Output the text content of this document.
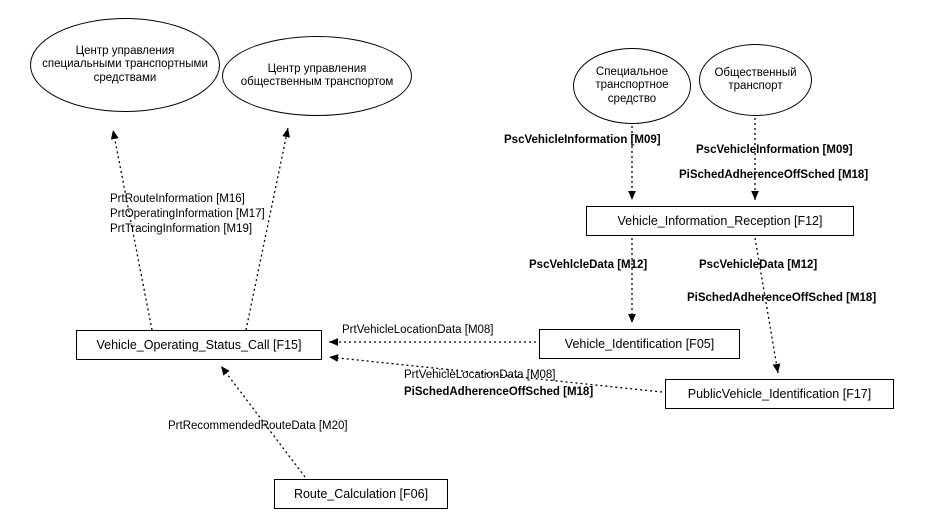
Центр управления специальными транспортными средствами
Центр управления общественным транспортом
Специальное транспортное средство
Общественный транспорт
Vehicle_Information_Reception [F12]
Vehicle_Identification [F05]
PublicVehicle_Identification [F17]
Vehicle_Operating_Status_Call [F15]
Route_Calculation [F06]
PrtRouteInformation [M16]
PrtOperatingInformation [M17]
PrtTracingInformation [M19]
PscVehicleInformation [M09]
PscVehicleInformation [M09]
PiSchedAdherenceOffSched [M18]
PscVehlcleData [M12]	PscVehicleData [M12]
PiSchedAdherenceOffSched [M18]
PrtVehicleLocationData [M08]
PrtVehicleLocationData [M08]
PiSchedAdherenceOffSched [M18]
PrtRecommendedRouteData [M20]
